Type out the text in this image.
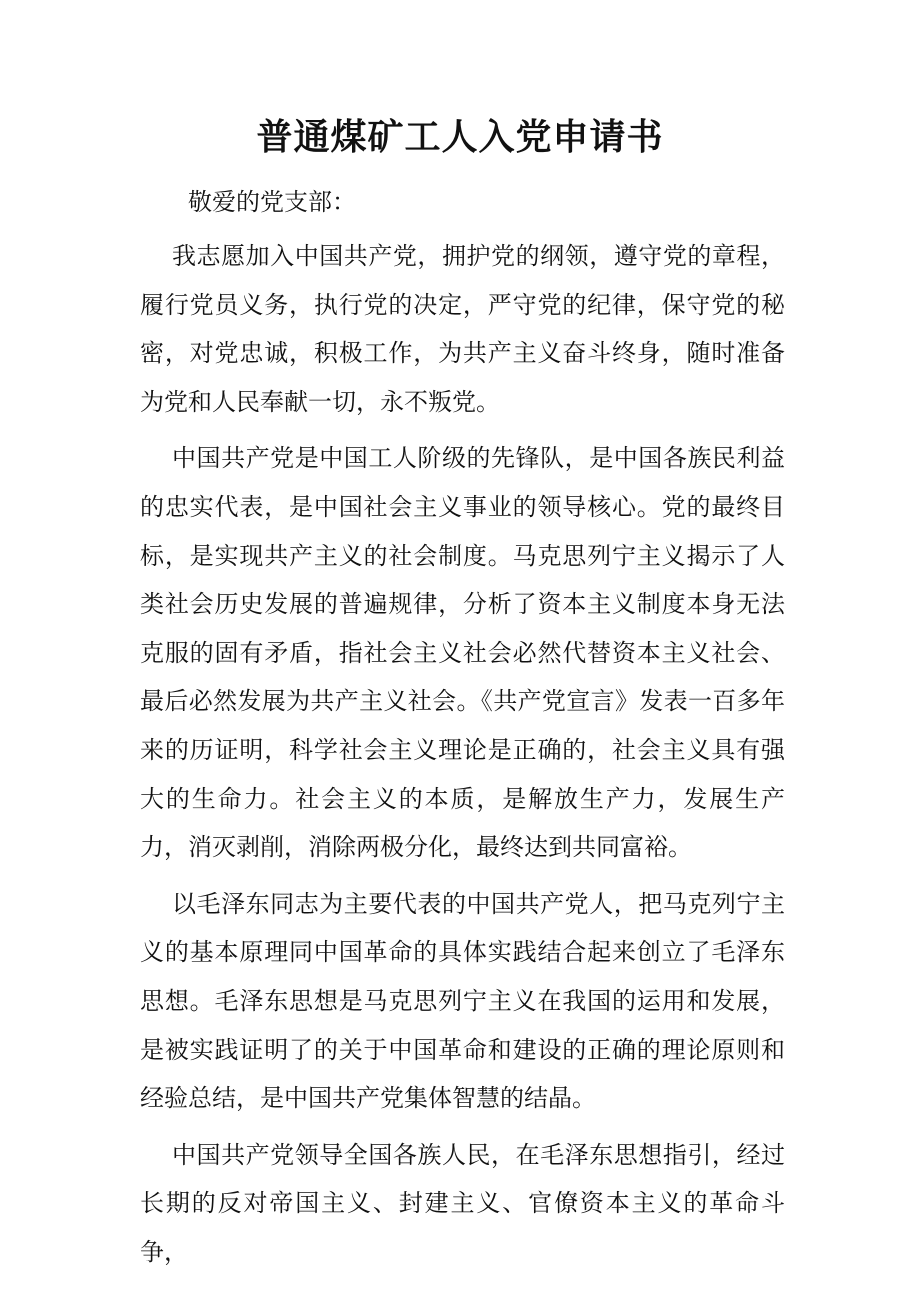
普通煤矿工人入党申请书

敬爱的党支部：

我志愿加入中国共产党，拥护党的纲领，遵守党的章程，履行党员义务，执行党的决定，严守党的纪律，保守党的秘密，对党忠诚，积极工作，为共产主义奋斗终身，随时准备为党和人民奉献一切，永不叛党。

中国共产党是中国工人阶级的先锋队，是中国各族民利益的忠实代表，是中国社会主义事业的领导核心。党的最终目标，是实现共产主义的社会制度。马克思列宁主义揭示了人类社会历史发展的普遍规律，分析了资本主义制度本身无法克服的固有矛盾，指社会主义社会必然代替资本主义社会、最后必然发展为共产主义社会。《共产党宣言》发表一百多年来的历证明，科学社会主义理论是正确的，社会主义具有强大的生命力。社会主义的本质，是解放生产力，发展生产力，消灭剥削，消除两极分化，最终达到共同富裕。

以毛泽东同志为主要代表的中国共产党人，把马克列宁主义的基本原理同中国革命的具体实践结合起来创立了毛泽东思想。毛泽东思想是马克思列宁主义在我国的运用和发展，是被实践证明了的关于中国革命和建设的正确的理论原则和经验总结，是中国共产党集体智慧的结晶。

中国共产党领导全国各族人民，在毛泽东思想指引，经过长期的反对帝国主义、封建主义、官僚资本主义的革命斗争，
